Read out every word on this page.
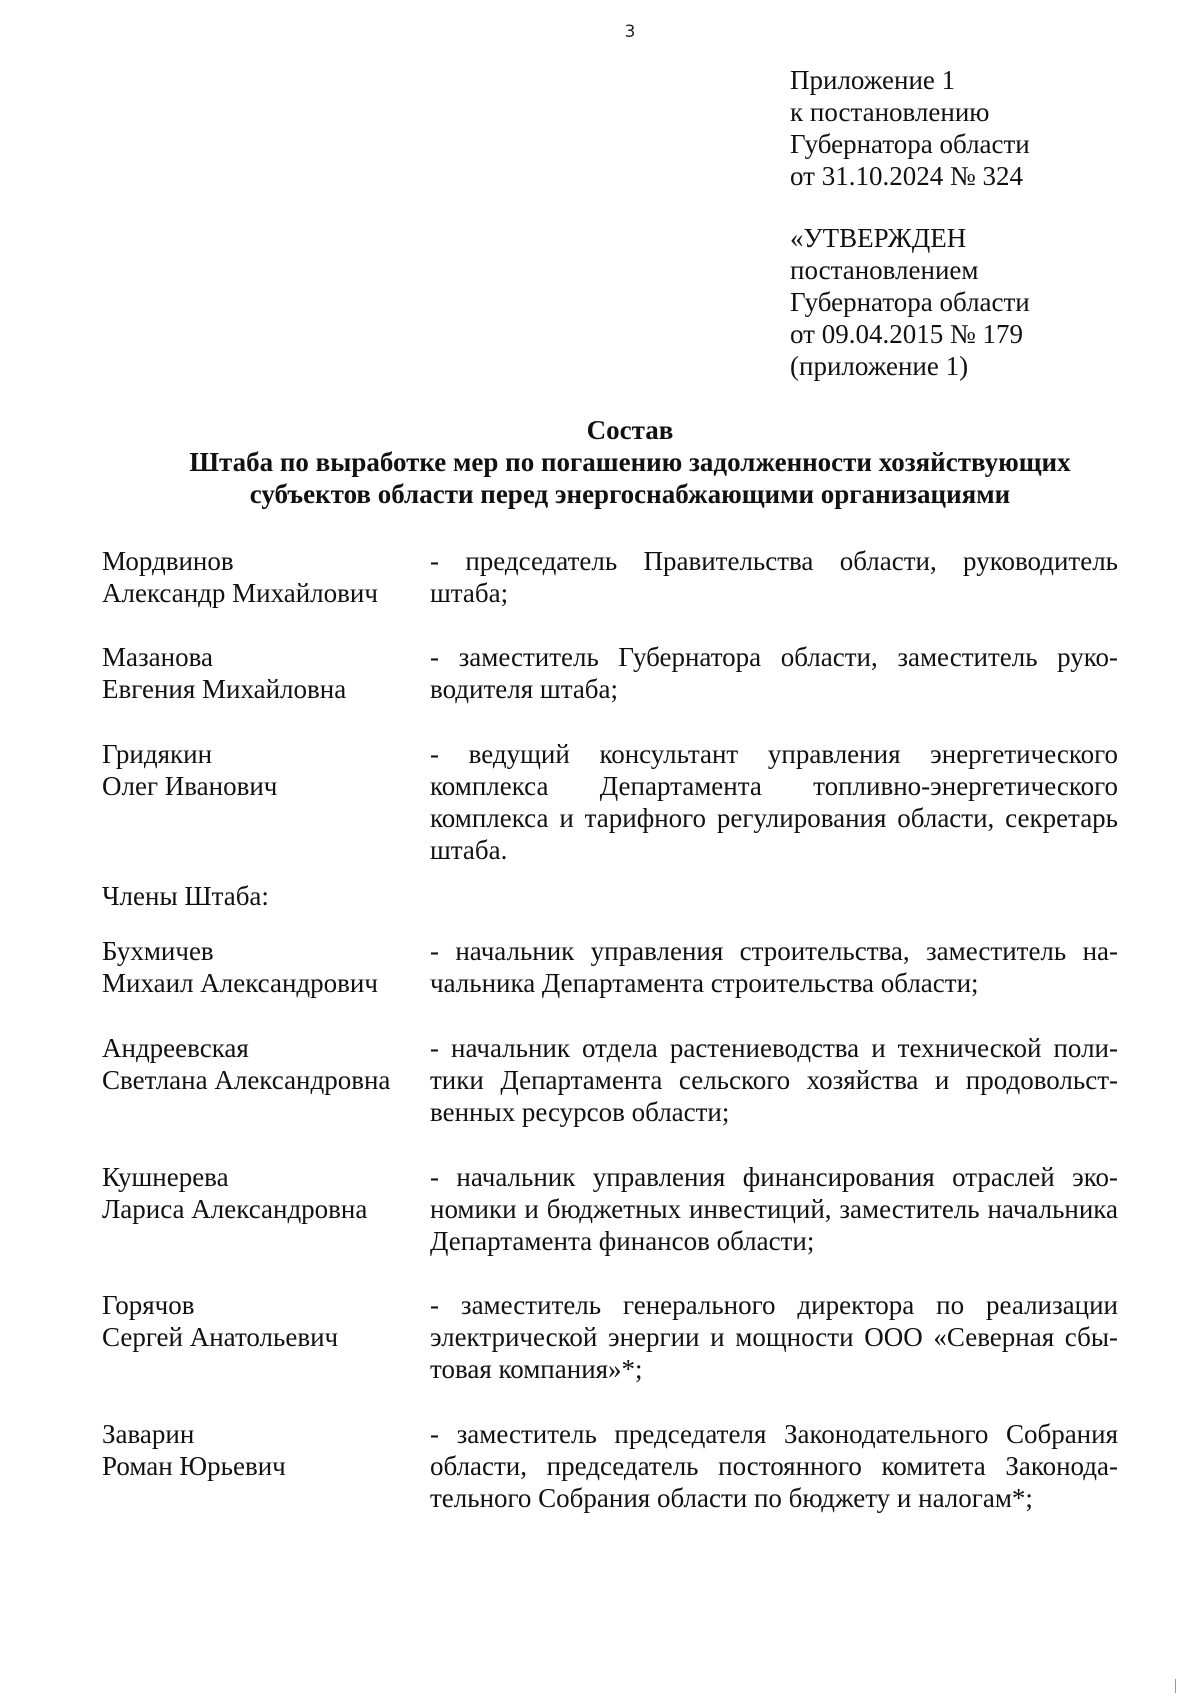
3
Приложение 1
к постановлению
Губернатора области
от 31.10.2024 № 324
«УТВЕРЖДЕН
постановлением
Губернатора области
от 09.04.2015 № 179
(приложение 1)
Состав
Штаба по выработке мер по погашению задолженности хозяйствующих
субъектов области перед энергоснабжающими организациями
Мордвинов
Александр Михайлович
- председатель Правительства области, руководитель штаба;
Мазанова
Евгения Михайловна
- заместитель Губернатора области, заместитель руководителя штаба;
Гридякин
Олег Иванович
- ведущий консультант управления энергетического комплекса Департамента топливно-энергетического комплекса и тарифного регулирования области, секретарь штаба.
Члены Штаба:
Бухмичев
Михаил Александрович
- начальник управления строительства, заместитель начальника Департамента строительства области;
Андреевская
Светлана Александровна
- начальник отдела растениеводства и технической политики Департамента сельского хозяйства и продовольственных ресурсов области;
Кушнерева
Лариса Александровна
- начальник управления финансирования отраслей экономики и бюджетных инвестиций, заместитель начальника Департамента финансов области;
Горячов
Сергей Анатольевич
- заместитель генерального директора по реализации электрической энергии и мощности ООО «Северная сбытовая компания»*;
Заварин
Роман Юрьевич
- заместитель председателя Законодательного Собрания области, председатель постоянного комитета Законодательного Собрания области по бюджету и налогам*;
